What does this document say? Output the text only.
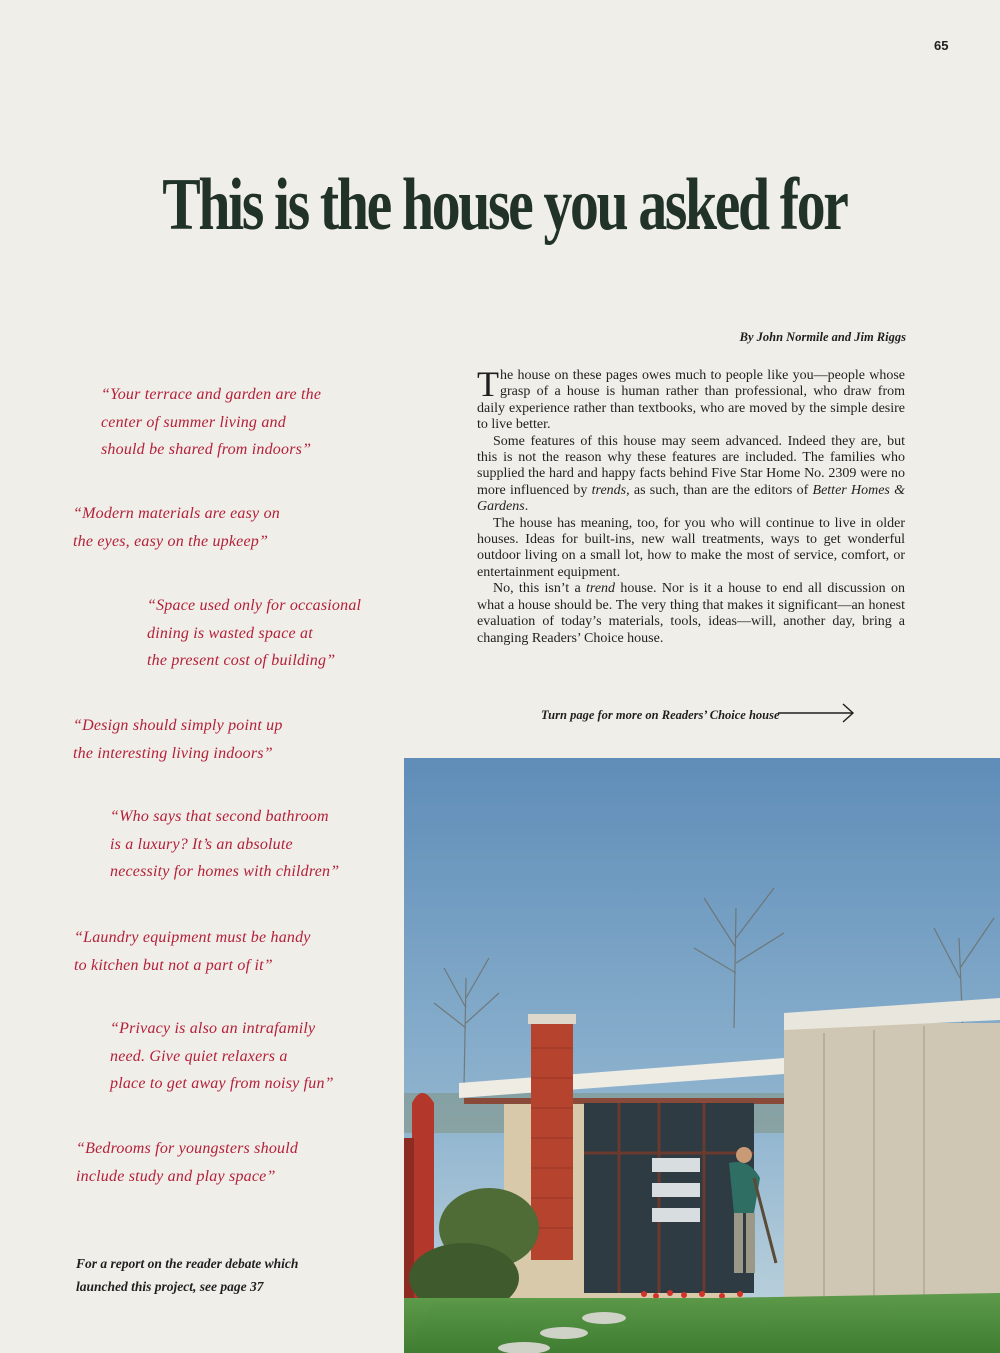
65
This is the house you asked for
By John Normile and Jim Riggs

The house on these pages owes much to people like you—people whose grasp of a house is human rather than professional, who draw from daily experience rather than textbooks, who are moved by the simple desire to live better.

Some features of this house may seem advanced. Indeed they are, but this is not the reason why these features are included. The families who supplied the hard and happy facts behind Five Star Home No. 2309 were no more influenced by trends, as such, than are the editors of Better Homes & Gardens.

The house has meaning, too, for you who will continue to live in older houses. Ideas for built-ins, new wall treatments, ways to get wonderful outdoor living on a small lot, how to make the most of service, comfort, or entertainment equipment.

No, this isn’t a trend house. Nor is it a house to end all discussion on what a house should be. The very thing that makes it significant—an honest evaluation of today’s materials, tools, ideas—will, another day, bring a changing Readers’ Choice house.

Turn page for more on Readers’ Choice house
“Your terrace and garden are the
center of summer living and
should be shared from indoors”
“Modern materials are easy on
the eyes, easy on the upkeep”
“Space used only for occasional
dining is wasted space at
the present cost of building”
“Design should simply point up
the interesting living indoors”
“Who says that second bathroom
is a luxury? It’s an absolute
necessity for homes with children”
“Laundry equipment must be handy
to kitchen but not a part of it”
“Privacy is also an intrafamily
need. Give quiet relaxers a
place to get away from noisy fun”
“Bedrooms for youngsters should
include study and play space”
For a report on the reader debate which
launched this project, see page 37
